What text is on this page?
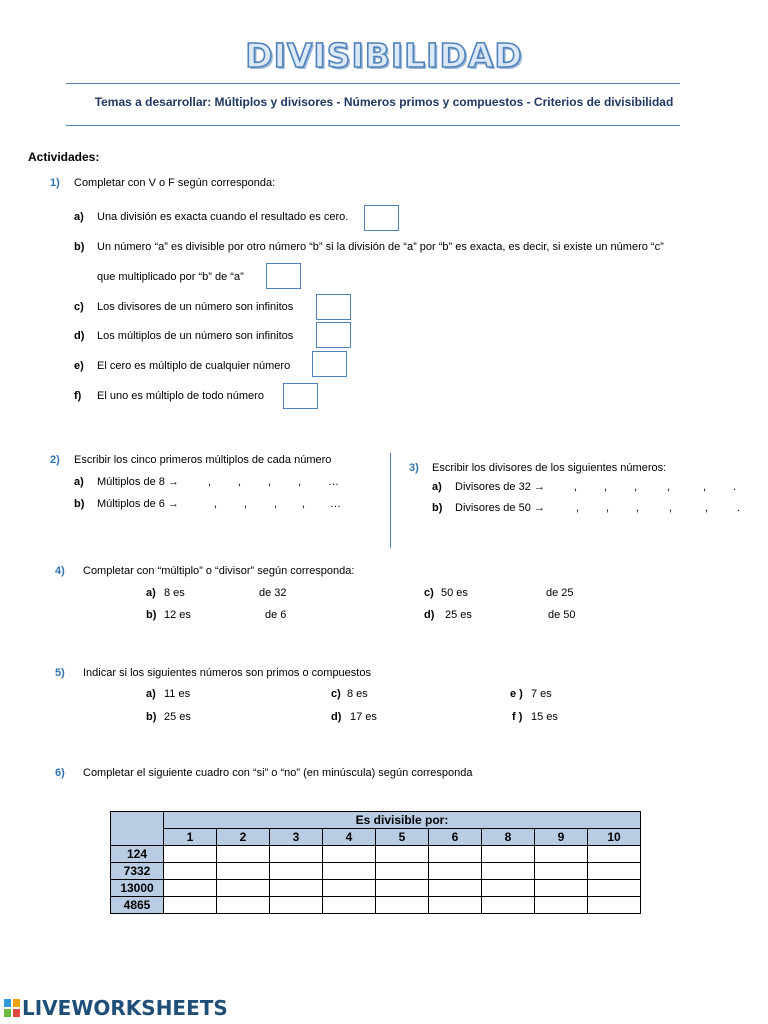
DIVISIBILIDAD
Temas a desarrollar: Múltiplos y divisores - Números primos y compuestos - Criterios de divisibilidad
Actividades:
1) Completar con V o F según corresponda:
a) Una división es exacta cuando el resultado es cero.
b) Un número “a” es divisible por otro número “b” si la división de “a” por “b” es exacta, es decir, si existe un número “c”
que multiplicado por “b” de “a”
c) Los divisores de un número son infinitos
d) Los múltiplos de un número son infinitos
e) El cero es múltiplo de cualquier número
f) El uno es múltiplo de todo número
2) Escribir los cinco primeros múltiplos de cada número
a) Múltiplos de 8 →	, , , , …
b) Múltiplos de 6 →	, , , , …
3) Escribir los divisores de los siguientes números:
a) Divisores de 32 →	, , ,	,	, .
b) Divisores de 50 →	, , ,	,	,	.
4) Completar con “múltiplo” o “divisor” según corresponda:
a) 8 es	de 32
b) 12 es	de 6
c) 50 es	de 25
d) 25 es	de 50
5) Indicar si los siguientes números son primos o compuestos
a) 11 es
b) 25 es
c) 8 es
d) 17 es
e ) 7 es
f ) 15 es
6) Completar el siguiente cuadro con “si” o “no” (en minúscula) según corresponda
	Es divisible por:								
	1	2	3	4	5	6	8	9	10
124									
7332									
13000									
4865									
LIVEWORKSHEETS
